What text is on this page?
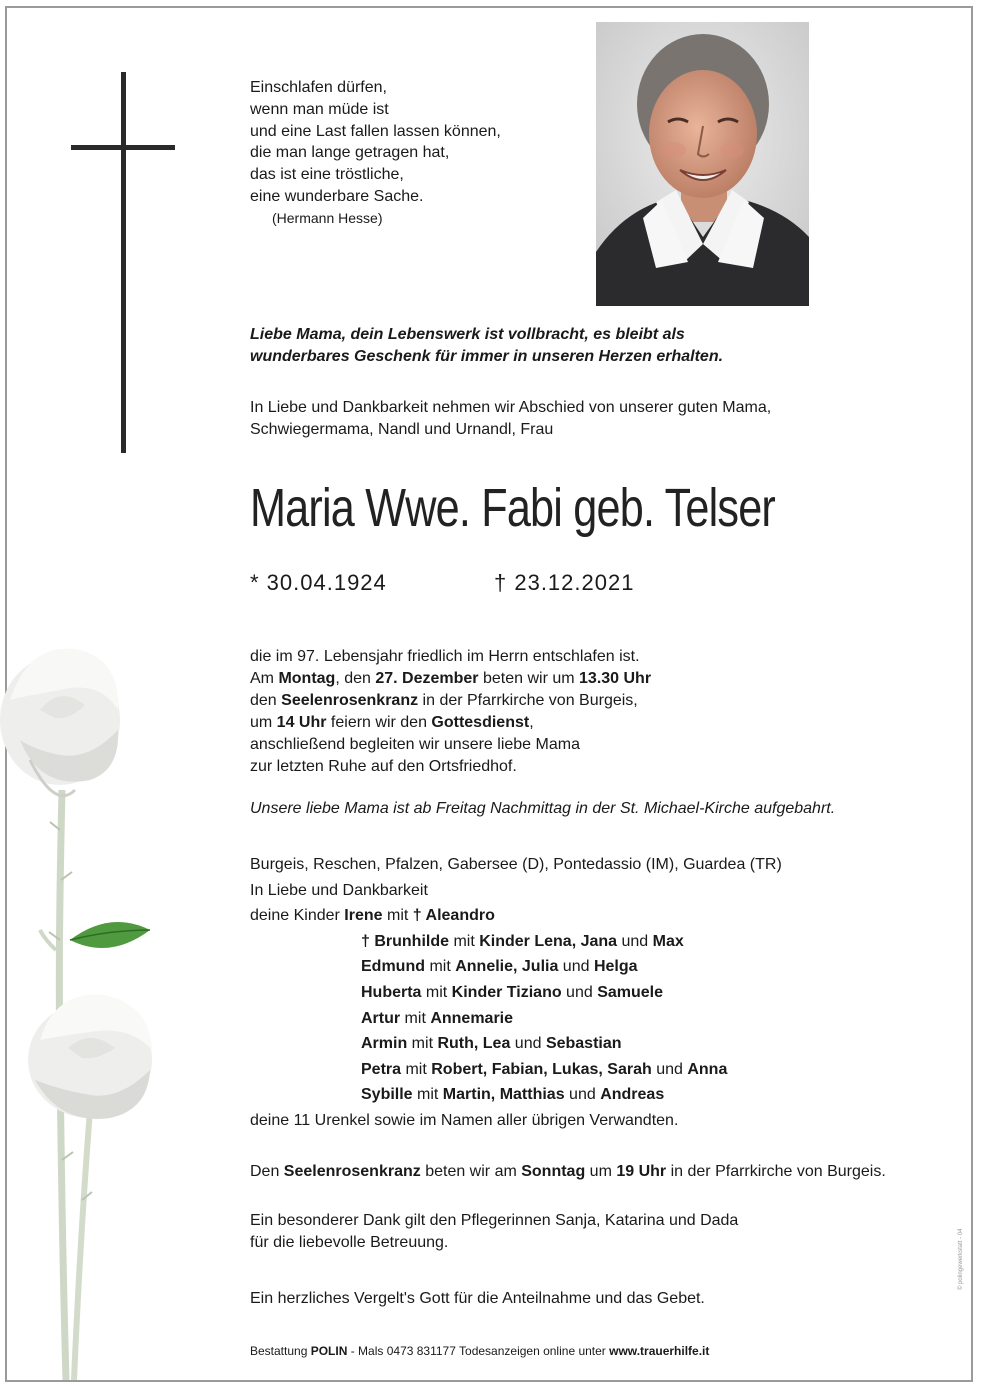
Einschlafen dürfen,
wenn man müde ist
und eine Last fallen lassen können,
die man lange getragen hat,
das ist eine tröstliche,
eine wunderbare Sache.
(Hermann Hesse)
Liebe Mama, dein Lebenswerk ist vollbracht, es bleibt als
wunderbares Geschenk für immer in unseren Herzen erhalten.
In Liebe und Dankbarkeit nehmen wir Abschied von unserer guten Mama,
Schwiegermama, Nandl und Urnandl, Frau
Maria Wwe. Fabi geb. Telser
* 30.04.1924	† 23.12.2021
die im 97. Lebensjahr friedlich im Herrn entschlafen ist.
Am Montag, den 27. Dezember beten wir um 13.30 Uhr
den Seelenrosenkranz in der Pfarrkirche von Burgeis,
um 14 Uhr feiern wir den Gottesdienst,
anschließend begleiten wir unsere liebe Mama
zur letzten Ruhe auf den Ortsfriedhof.
Unsere liebe Mama ist ab Freitag Nachmittag in der St. Michael-Kirche aufgebahrt.
Burgeis, Reschen, Pfalzen, Gabersee (D), Pontedassio (IM), Guardea (TR)
In Liebe und Dankbarkeit
deine Kinder Irene mit † Aleandro
† Brunhilde mit Kinder Lena, Jana und Max
Edmund mit Annelie, Julia und Helga
Huberta mit Kinder Tiziano und Samuele
Artur mit Annemarie
Armin mit Ruth, Lea und Sebastian
Petra mit Robert, Fabian, Lukas, Sarah und Anna
Sybille mit Martin, Matthias und Andreas
deine 11 Urenkel sowie im Namen aller übrigen Verwandten.
Den Seelenrosenkranz beten wir am Sonntag um 19 Uhr in der Pfarrkirche von Burgeis.
Ein besonderer Dank gilt den Pflegerinnen Sanja, Katarina und Dada
für die liebevolle Betreuung.
Ein herzliches Vergelt's Gott für die Anteilnahme und das Gebet.
Bestattung POLIN - Mals 0473 831177 Todesanzeigen online unter www.trauerhilfe.it
© polingewerkstatt - 04
